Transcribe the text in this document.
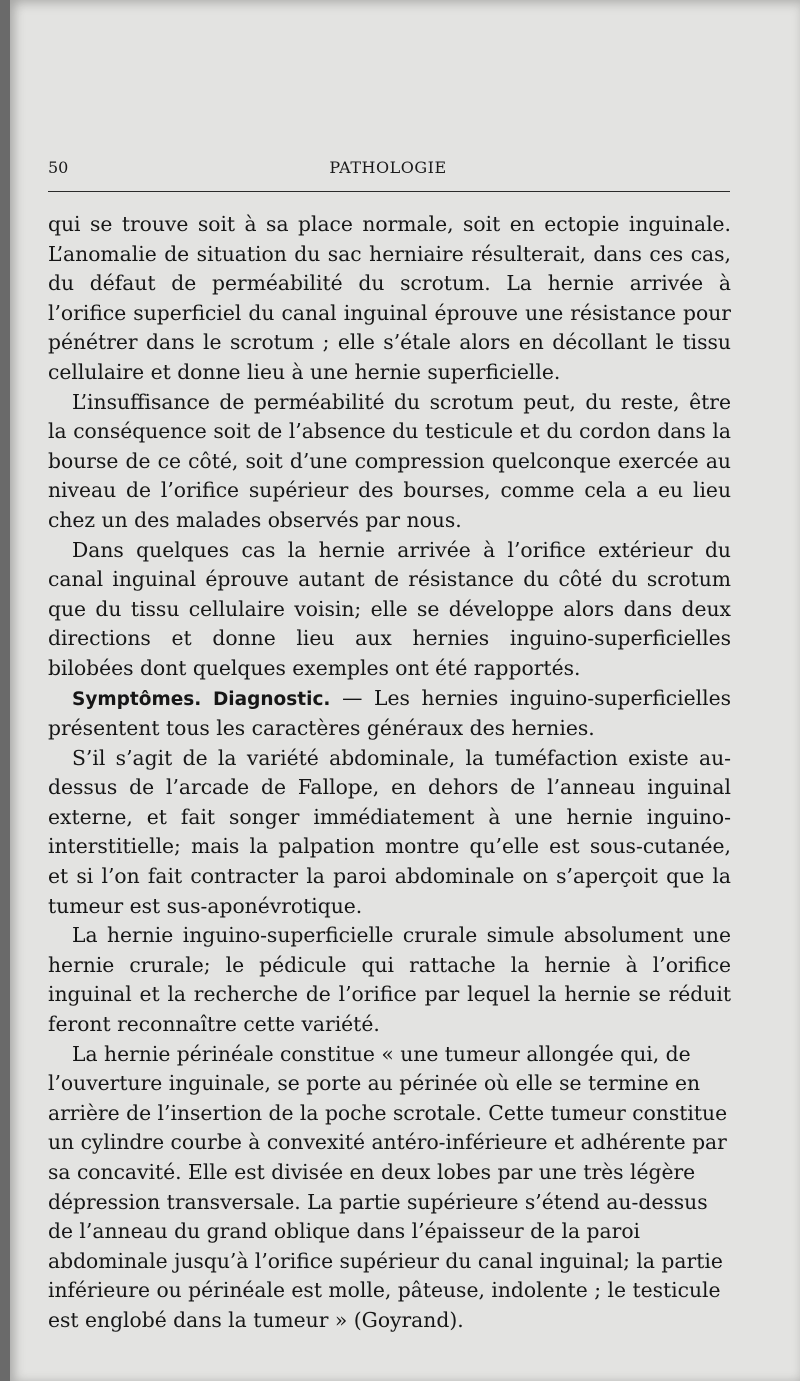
50	PATHOLOGIE

qui se trouve soit à sa place normale, soit en ectopie inguinale. L’anomalie de situation du sac herniaire résulterait, dans ces cas, du défaut de perméabilité du scrotum. La hernie arrivée à l’orifice superficiel du canal inguinal éprouve une résistance pour pénétrer dans le scrotum ; elle s’étale alors en décollant le tissu cellulaire et donne lieu à une hernie superficielle.

L’insuffisance de perméabilité du scrotum peut, du reste, être la conséquence soit de l’absence du testicule et du cordon dans la bourse de ce côté, soit d’une compression quelconque exercée au niveau de l’orifice supérieur des bourses, comme cela a eu lieu chez un des malades observés par nous.

Dans quelques cas la hernie arrivée à l’orifice extérieur du canal inguinal éprouve autant de résistance du côté du scrotum que du tissu cellulaire voisin; elle se développe alors dans deux directions et donne lieu aux hernies inguino-superficielles bilobées dont quelques exemples ont été rapportés.

Symptômes. Diagnostic. — Les hernies inguino-superficielles présentent tous les caractères généraux des hernies.

S’il s’agit de la variété abdominale, la tuméfaction existe au-dessus de l’arcade de Fallope, en dehors de l’anneau inguinal externe, et fait songer immédiatement à une hernie inguino-interstitielle; mais la palpation montre qu’elle est sous-cutanée, et si l’on fait contracter la paroi abdominale on s’aperçoit que la tumeur est sus-aponévrotique.

La hernie inguino-superficielle crurale simule absolument une hernie crurale; le pédicule qui rattache la hernie à l’orifice inguinal et la recherche de l’orifice par lequel la hernie se réduit feront reconnaître cette variété.

La hernie périnéale constitue « une tumeur allongée qui, de l’ouverture inguinale, se porte au périnée où elle se termine en arrière de l’insertion de la poche scrotale. Cette tumeur constitue un cylindre courbe à convexité antéro-inférieure et adhérente par sa concavité. Elle est divisée en deux lobes par une très légère dépression transversale. La partie supérieure s’étend au-dessus de l’anneau du grand oblique dans l’épaisseur de la paroi abdominale jusqu’à l’orifice supérieur du canal inguinal; la partie inférieure ou périnéale est molle, pâteuse, indolente ; le testicule est englobé dans la tumeur » (Goyrand).
